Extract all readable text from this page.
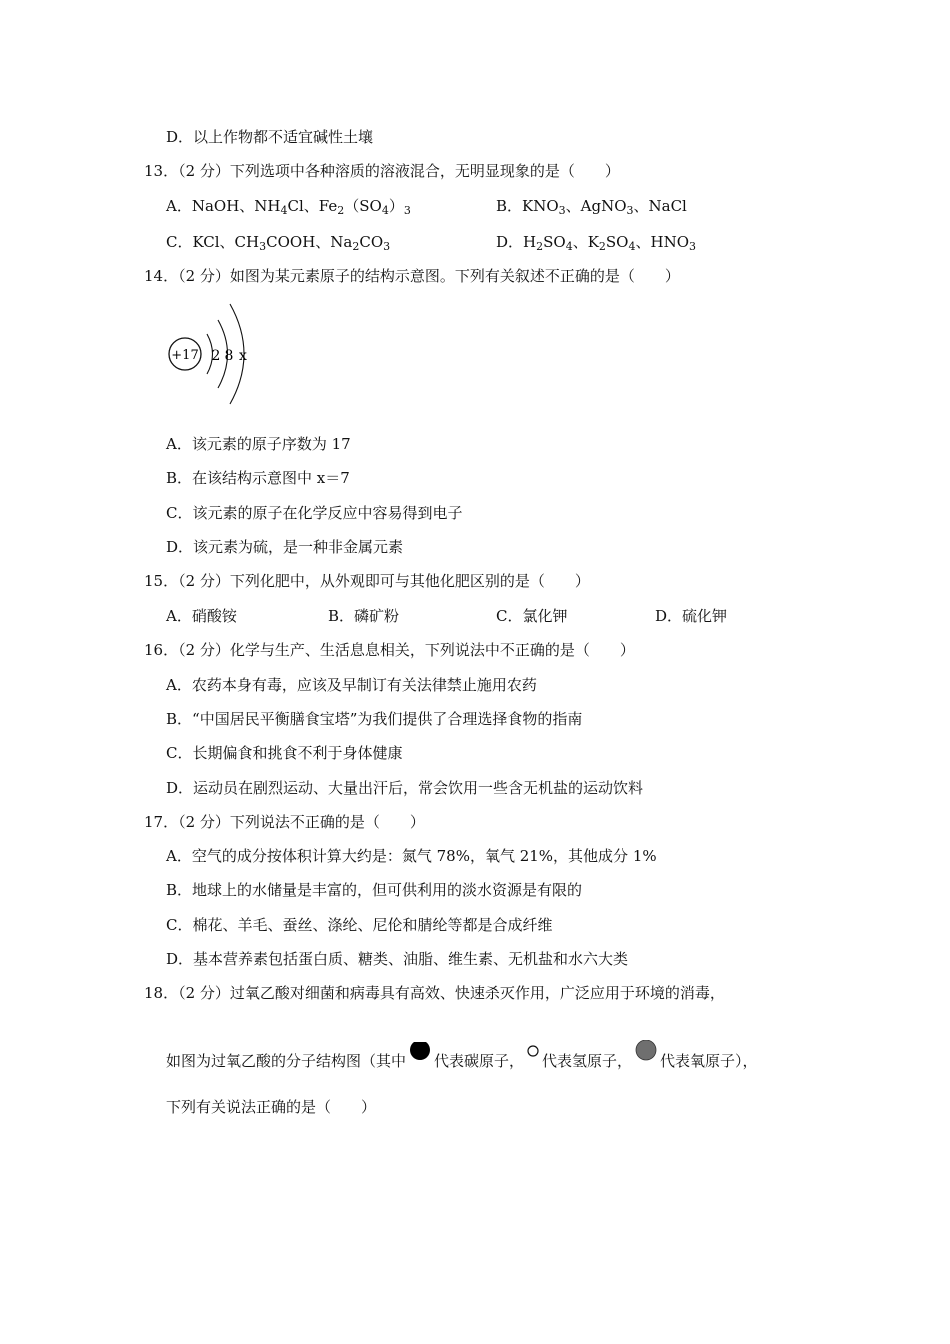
D．以上作物都不适宜碱性土壤
13．（2 分）下列选项中各种溶质的溶液混合，无明显现象的是（　　）
A．NaOH、$NH_4Cl$、$Fe_2(SO_4)_3$	B．$KNO_3$、AgNO$_3$、NaCl
C．KCl、$CH_3COOH$、$Na_2CO_3$	D．$H_2SO_4$、$K_2SO_4$、$HNO_3$
14．（2 分）如图为某元素原子的结构示意图。下列有关叙述不正确的是（　　）
+17 2 8 x
A．该元素的原子序数为 17
B．在该结构示意图中 x＝7
C．该元素的原子在化学反应中容易得到电子
D．该元素为硫，是一种非金属元素
15．（2 分）下列化肥中，从外观即可与其他化肥区别的是（　　）
A．硝酸铵	B．磷矿粉	C．氯化钾	D．硫化钾
16．（2 分）化学与生产、生活息息相关，下列说法中不正确的是（　　）
A．农药本身有毒，应该及早制订有关法律禁止施用农药
B．“中国居民平衡膳食宝塔”为我们提供了合理选择食物的指南
C．长期偏食和挑食不利于身体健康
D．运动员在剧烈运动、大量出汗后，常会饮用一些含无机盐的运动饮料
17．（2 分）下列说法不正确的是（　　）
A．空气的成分按体积计算大约是：氮气 78%，氧气 21%，其他成分 1%
B．地球上的水储量是丰富的，但可供利用的淡水资源是有限的
C．棉花、羊毛、蚕丝、涤纶、尼伦和腈纶等都是合成纤维
D．基本营养素包括蛋白质、糖类、油脂、维生素、无机盐和水六大类
18．（2 分）过氧乙酸对细菌和病毒具有高效、快速杀灭作用，广泛应用于环境的消毒，
如图为过氧乙酸的分子结构图（其中 代表碳原子， 代表氢原子， 代表氧原子），
下列有关说法正确的是（　　）
